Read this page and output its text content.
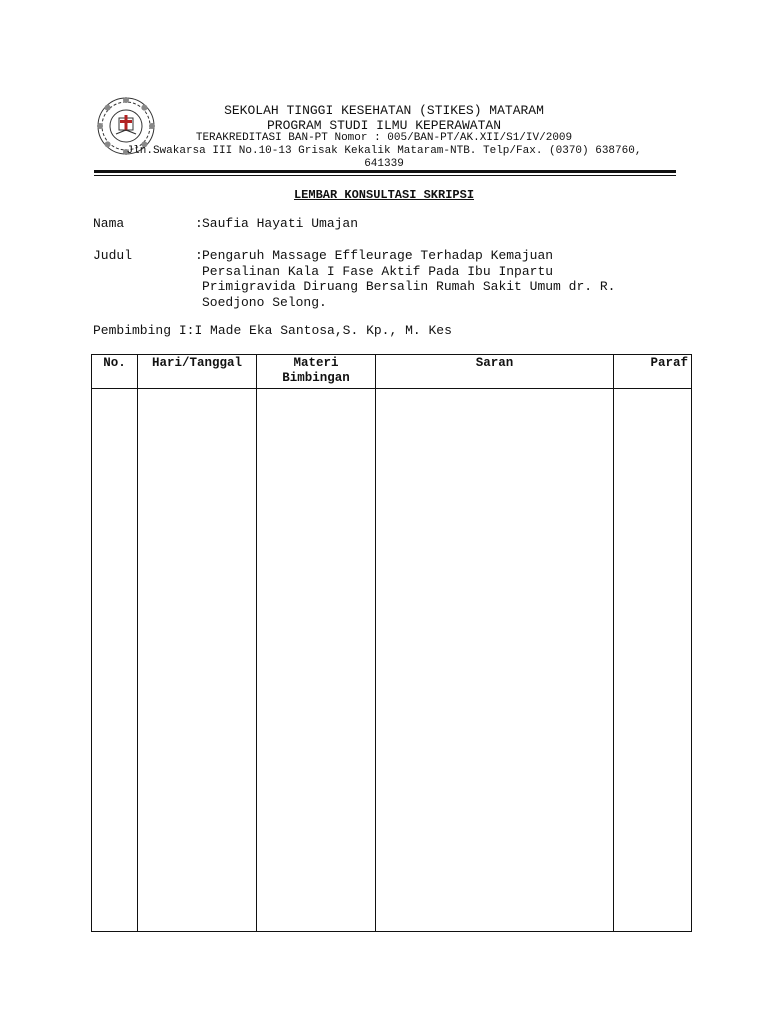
SEKOLAH TINGGI KESEHATAN (STIKES) MATARAM
PROGRAM STUDI ILMU KEPERAWATAN
TERAKREDITASI BAN-PT Nomor : 005/BAN-PT/AK.XII/S1/IV/2009
Jln.Swakarsa III No.10-13 Grisak Kekalik Mataram-NTB. Telp/Fax. (0370) 638760, 641339
LEMBAR KONSULTASI SKRIPSI
Nama	: Saufia Hayati Umajan
Judul	: Pengaruh Massage Effleurage Terhadap Kemajuan
Persalinan Kala I Fase Aktif Pada Ibu Inpartu
Primigravida Diruang Bersalin Rumah Sakit Umum dr. R.
Soedjono Selong.
Pembimbing I:I Made Eka Santosa,S. Kp., M. Kes
No.	Hari/Tanggal	Materi Bimbingan	Saran	Paraf
